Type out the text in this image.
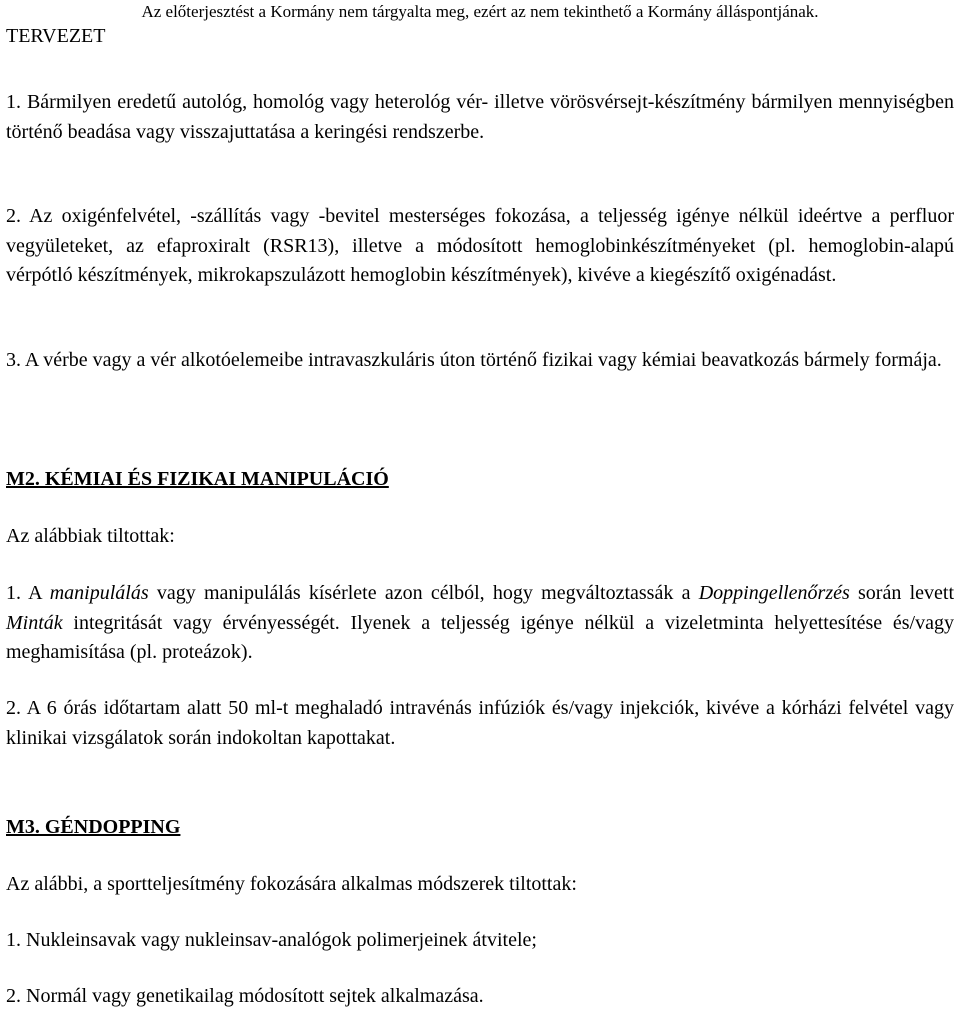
Az előterjesztést a Kormány nem tárgyalta meg, ezért az nem tekinthető a Kormány álláspontjának.
TERVEZET

1. Bármilyen eredetű autológ, homológ vagy heterológ vér- illetve vörösvérsejt-készítmény bármilyen mennyiségben történő beadása vagy visszajuttatása a keringési rendszerbe.

2. Az oxigénfelvétel, -szállítás vagy -bevitel mesterséges fokozása, a teljesség igénye nélkül ideértve a perfluor vegyületeket, az efaproxiralt (RSR13), illetve a módosított hemoglobinkészítményeket (pl. hemoglobin-alapú vérpótló készítmények, mikrokapszulázott hemoglobin készítmények), kivéve a kiegészítő oxigénadást.

3. A vérbe vagy a vér alkotóelemeibe intravaszkuláris úton történő fizikai vagy kémiai beavatkozás bármely formája.

M2. KÉMIAI ÉS FIZIKAI MANIPULÁCIÓ

Az alábbiak tiltottak:

1. A manipulálás vagy manipulálás kísérlete azon célból, hogy megváltoztassák a Doppingellenőrzés során levett Minták integritását vagy érvényességét. Ilyenek a teljesség igénye nélkül a vizeletminta helyettesítése és/vagy meghamisítása (pl. proteázok).

2. A 6 órás időtartam alatt 50 ml-t meghaladó intravénás infúziók és/vagy injekciók, kivéve a kórházi felvétel vagy klinikai vizsgálatok során indokoltan kapottakat.

M3. GÉNDOPPING

Az alábbi, a sportteljesítmény fokozására alkalmas módszerek tiltottak:

1. Nukleinsavak vagy nukleinsav-analógok polimerjeinek átvitele;

2. Normál vagy genetikailag módosított sejtek alkalmazása.
